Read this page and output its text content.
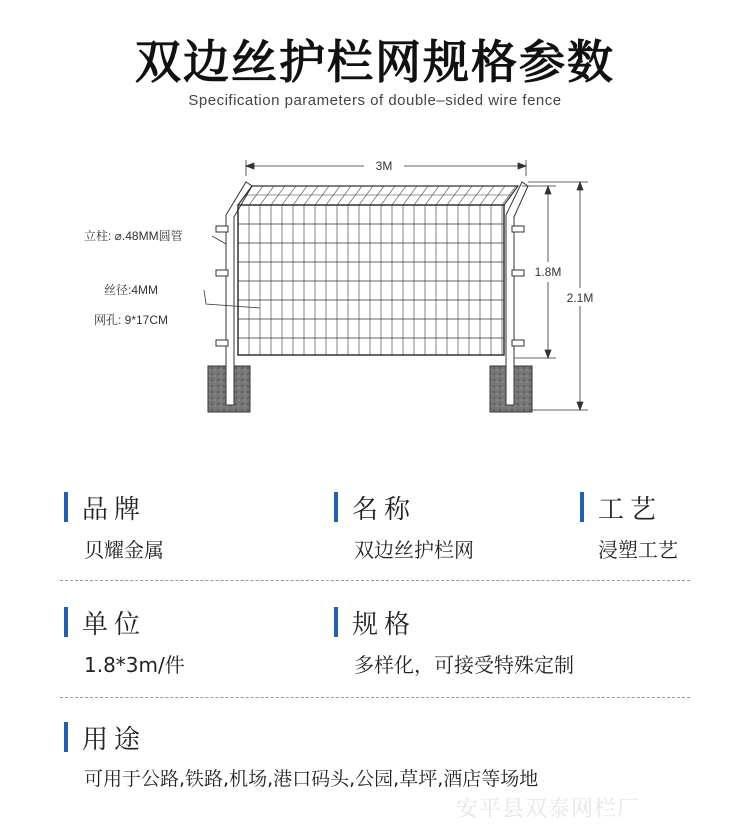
双边丝护栏网规格参数
Specification parameters of double–sided wire fence
3M
1.8M
2.1M
立柱: ⌀.48MM圆管
丝径:4MM
网孔: 9*17CM
品牌
贝耀金属
名称
双边丝护栏网
工艺
浸塑工艺
单位
1.8*3m/件
规格
多样化，可接受特殊定制
用途
可用于公路,铁路,机场,港口码头,公园,草坪,酒店等场地
安平县双泰网栏厂
